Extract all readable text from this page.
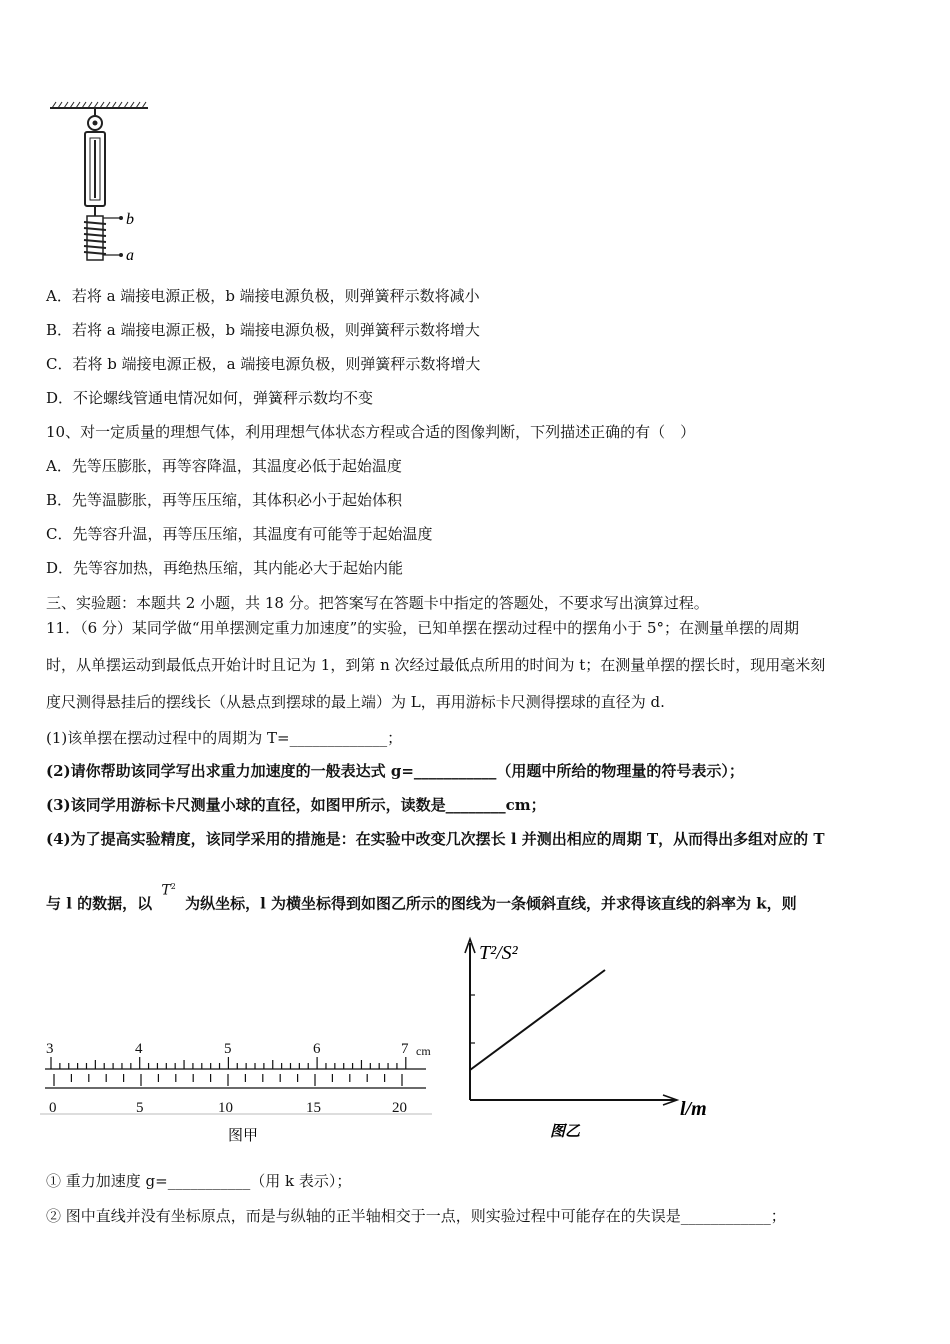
b
a
A．若将 a 端接电源正极，b 端接电源负极，则弹簧秤示数将减小
B．若将 a 端接电源正极，b 端接电源负极，则弹簧秤示数将增大
C．若将 b 端接电源正极，a 端接电源负极，则弹簧秤示数将增大
D．不论螺线管通电情况如何，弹簧秤示数均不变
10、对一定质量的理想气体，利用理想气体状态方程或合适的图像判断，下列描述正确的有（　）
A．先等压膨胀，再等容降温，其温度必低于起始温度
B．先等温膨胀，再等压压缩，其体积必小于起始体积
C．先等容升温，再等压压缩，其温度有可能等于起始温度
D．先等容加热，再绝热压缩，其内能必大于起始内能
三、实验题：本题共 2 小题，共 18 分。把答案写在答题卡中指定的答题处，不要求写出演算过程。
11．（6 分）某同学做“用单摆测定重力加速度”的实验，已知单摆在摆动过程中的摆角小于 5°；在测量单摆的周期
时，从单摆运动到最低点开始计时且记为 1，到第 n 次经过最低点所用的时间为 t；在测量单摆的摆长时，现用毫米刻
度尺测得悬挂后的摆线长（从悬点到摆球的最上端）为 L，再用游标卡尺测得摆球的直径为 d.
(1)该单摆在摆动过程中的周期为 T=_____________；
(2)请你帮助该同学写出求重力加速度的一般表达式 g=___________（用题中所给的物理量的符号表示）；
(3)该同学用游标卡尺测量小球的直径，如图甲所示，读数是________cm；
(4)为了提高实验精度，该同学采用的措施是：在实验中改变几次摆长 l 并测出相应的周期 T，从而得出多组对应的 T
与 l 的数据，以 $T^2$ 为纵坐标，l 为横坐标得到如图乙所示的图线为一条倾斜直线，并求得该直线的斜率为 k，则
3	4	5	6	7 cm
0	5	10	15	20
图甲
T²/S²
l/m
图乙
① 重力加速度 g=___________（用 k 表示）；
② 图中直线并没有坐标原点，而是与纵轴的正半轴相交于一点，则实验过程中可能存在的失误是____________；
